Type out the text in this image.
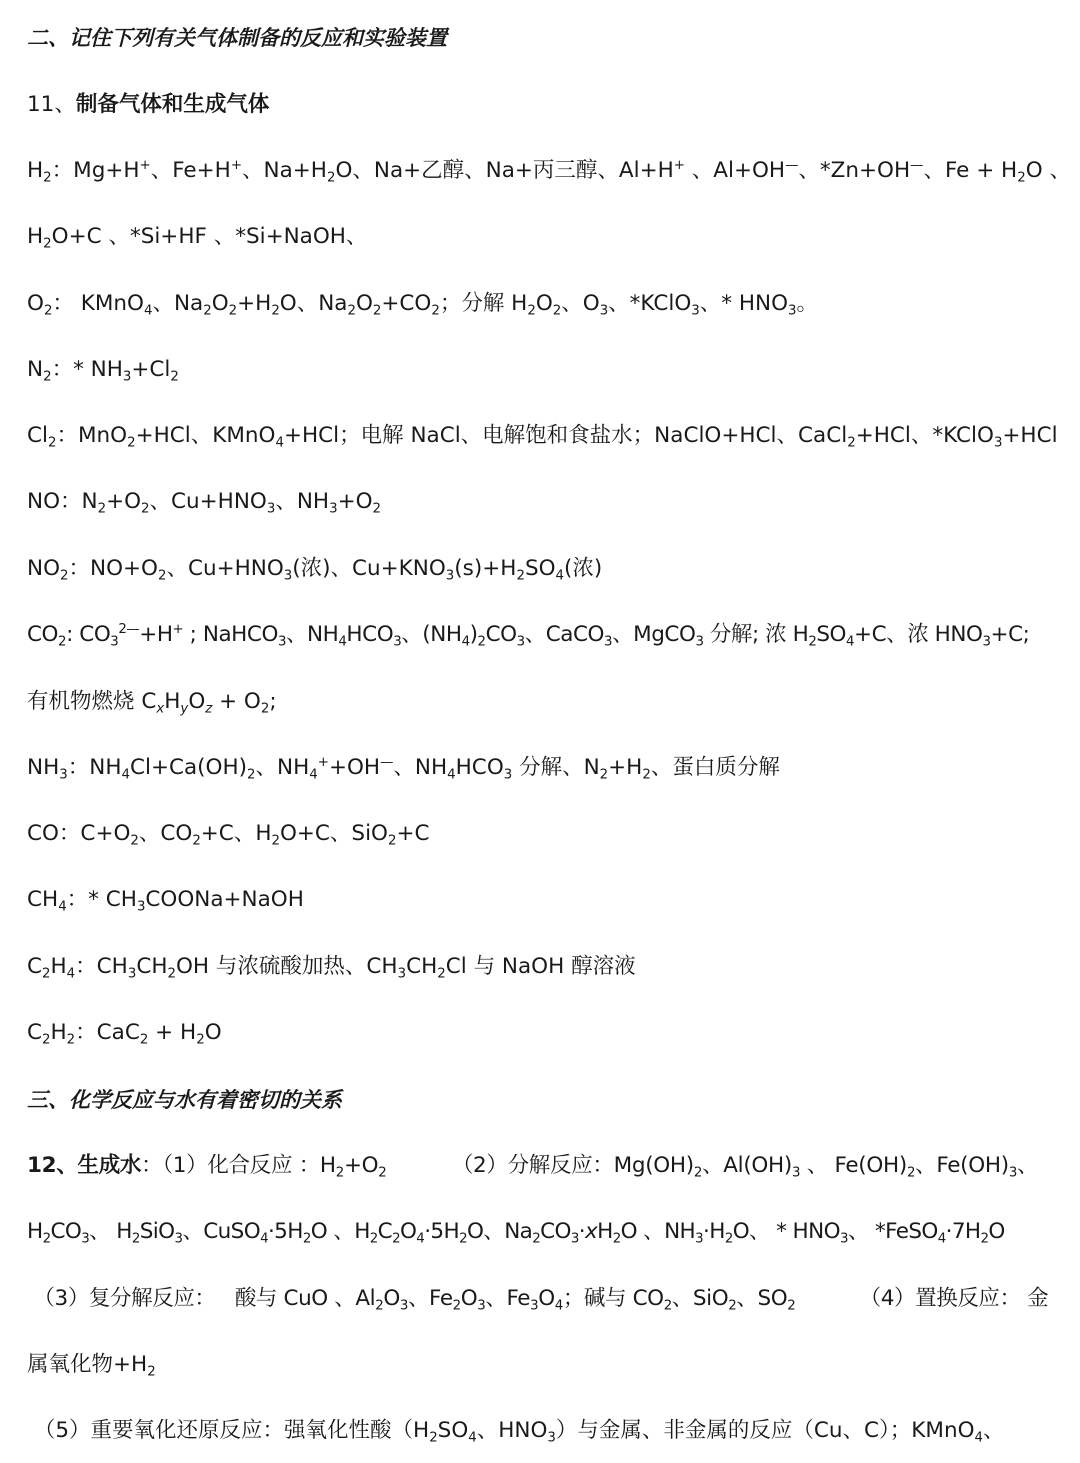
二、记住下列有关气体制备的反应和实验装置
11、制备气体和生成气体
$H_2$：Mg+H+、Fe+H+、$Na+H_2O$、Na+乙醇、Na+丙三醇、Al+H+ 、Al+OH—、*Zn+OH—、$Fe + H_2O$ 、
$H_2O+C$ 、*Si+HF 、*Si+NaOH、
$O_2$： KMnO$_4$、$Na_2O_2+H_2O$、$Na_2O_2+CO_2$；分解 $H_2O_2$、$O_3$、*KClO$_3$、* $HNO_3$。
$N_2$：* $NH_3+Cl_2$
$Cl_2$：MnO$_2$+HCl、KMnO$_4$+HCl；电解 NaCl、电解饱和食盐水；NaClO+HCl、CaCl$_2$+HCl、*KClO$_3$+HCl
NO：$N_2+O_2$、$Cu+HNO_3$、$NH_3+O_2$
$NO_2$：$NO+O_2$、$Cu+HNO_3$(浓)、$Cu+KNO_3(s)+H_2SO_4$(浓)
$CO_2$: $CO_3^{2—}+H^+$ ; NaHCO$_3$、$NH_4HCO_3$、$(NH_4)_2CO_3$、CaCO$_3$、MgCO$_3$ 分解; 浓 $H_2SO_4+C$、浓 $HNO_3+C$;
有机物燃烧 $C_xH_yO_z + O_2$;
$NH_3$：$NH_4Cl+Ca(OH)_2$、$NH_4^++OH^—$、$NH_4HCO_3$ 分解、$N_2+H_2$、蛋白质分解
CO：$C+O_2$、$CO_2+C$、$H_2O+C$、SiO$_2$+C
$CH_4$：* $CH_3COONa+NaOH$
$C_2H_4$：$CH_3CH_2OH$ 与浓硫酸加热、$CH_3CH_2Cl$ 与 NaOH 醇溶液
$C_2H_2$：$CaC_2 + H_2O$
三、化学反应与水有着密切的关系
12、生成水：（1）化合反应 ：$H_2+O_2$          （2）分解反应：$Mg(OH)_2$、$Al(OH)_3$ 、 $Fe(OH)_2$、$Fe(OH)_3$、
$H_2CO_3$、 $H_2SiO_3$、$CuSO_4\cdot 5H_2O$ 、$H_2C_2O_4\cdot 5H_2O$、$Na_2CO_3\cdot xH_2O$ 、$NH_3\cdot H_2O$、 * $HNO_3$、 $*FeSO_4\cdot 7H_2O$
（3）复分解反应：   酸与 CuO 、$Al_2O_3$、$Fe_2O_3$、$Fe_3O_4$；碱与 $CO_2$、SiO$_2$、$SO_2$          （4）置换反应： 金
属氧化物$+H_2$
（5）重要氧化还原反应：强氧化性酸（$H_2SO_4$、$HNO_3$）与金属、非金属的反应（Cu、C）；KMnO$_4$、
